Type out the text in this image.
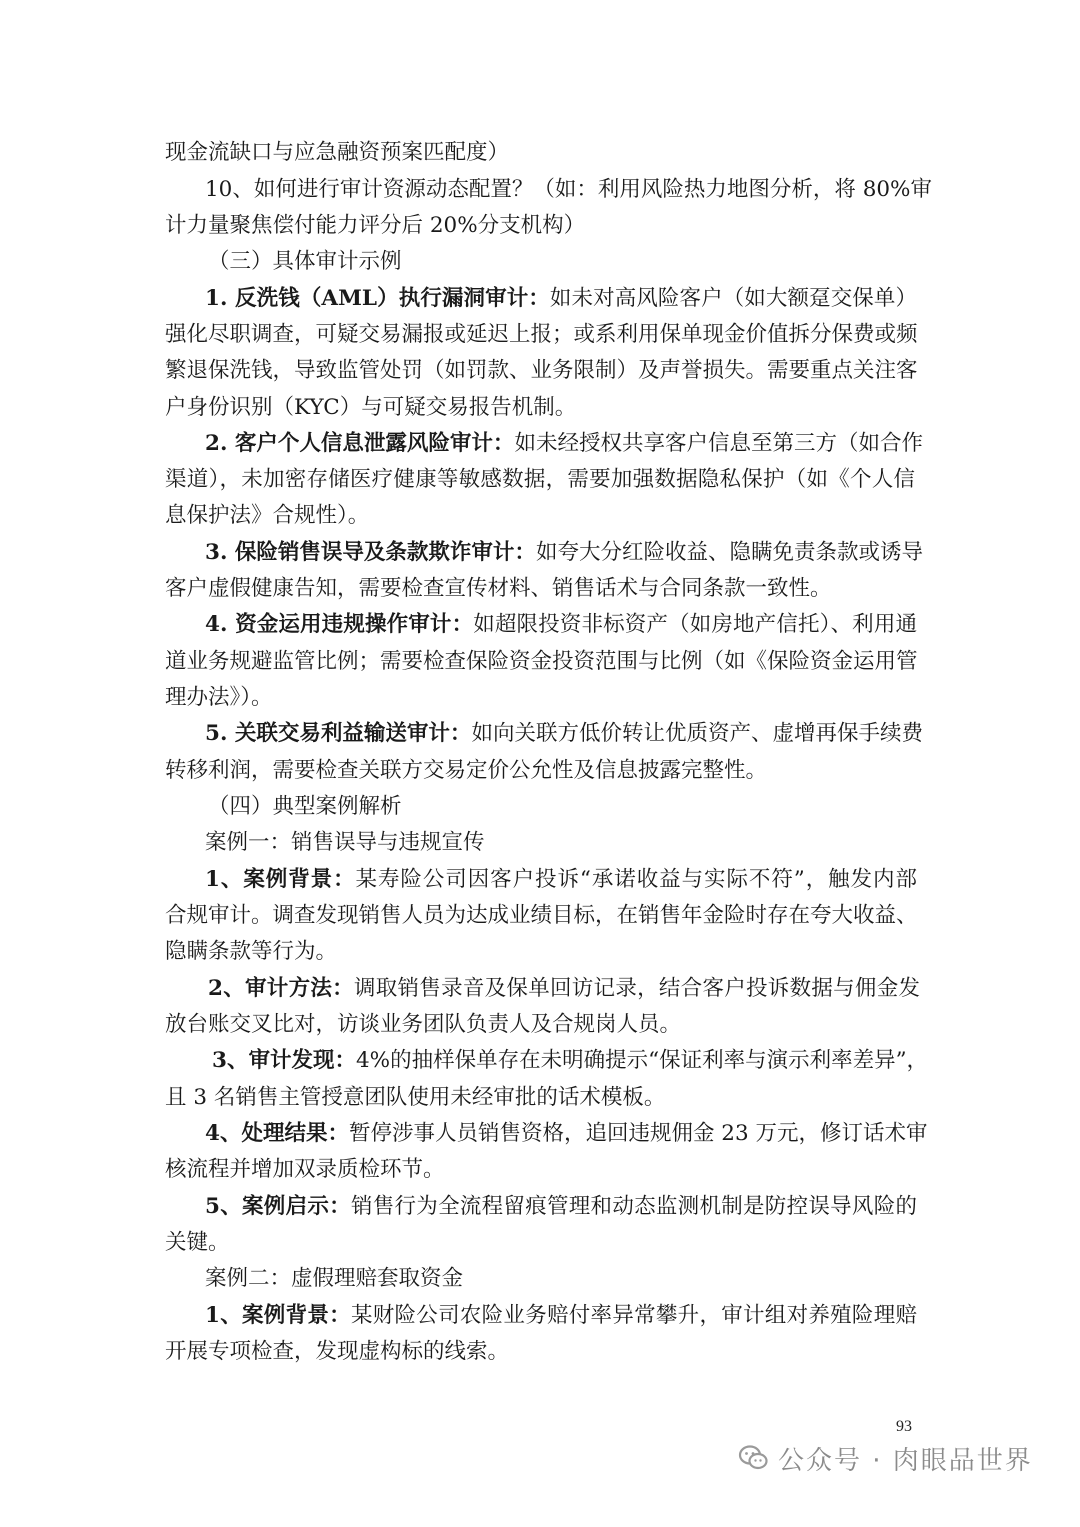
现金流缺口与应急融资预案匹配度）
10、如何进行审计资源动态配置？（如：利用风险热力地图分析，将 80%审
计力量聚焦偿付能力评分后 20%分支机构）
（三）具体审计示例
1. 反洗钱（AML）执行漏洞审计：如未对高风险客户（如大额趸交保单）
强化尽职调查，可疑交易漏报或延迟上报；或系利用保单现金价值拆分保费或频
繁退保洗钱，导致监管处罚（如罚款、业务限制）及声誉损失。需要重点关注客
户身份识别（KYC）与可疑交易报告机制。
2. 客户个人信息泄露风险审计：如未经授权共享客户信息至第三方（如合作
渠道），未加密存储医疗健康等敏感数据，需要加强数据隐私保护（如《个人信
息保护法》合规性）。
3. 保险销售误导及条款欺诈审计：如夸大分红险收益、隐瞒免责条款或诱导
客户虚假健康告知，需要检查宣传材料、销售话术与合同条款一致性。
4. 资金运用违规操作审计：如超限投资非标资产（如房地产信托）、利用通
道业务规避监管比例；需要检查保险资金投资范围与比例（如《保险资金运用管
理办法》）。
5. 关联交易利益输送审计：如向关联方低价转让优质资产、虚增再保手续费
转移利润，需要检查关联方交易定价公允性及信息披露完整性。
（四）典型案例解析
案例一：销售误导与违规宣传
1、案例背景：某寿险公司因客户投诉“承诺收益与实际不符”，触发内部
合规审计。调查发现销售人员为达成业绩目标，在销售年金险时存在夸大收益、
隐瞒条款等行为。
2、审计方法：调取销售录音及保单回访记录，结合客户投诉数据与佣金发
放台账交叉比对，访谈业务团队负责人及合规岗人员。
3、审计发现：4%的抽样保单存在未明确提示“保证利率与演示利率差异”，
且 3 名销售主管授意团队使用未经审批的话术模板。
4、处理结果：暂停涉事人员销售资格，追回违规佣金 23 万元，修订话术审
核流程并增加双录质检环节。
5、案例启示：销售行为全流程留痕管理和动态监测机制是防控误导风险的
关键。
案例二：虚假理赔套取资金
1、案例背景：某财险公司农险业务赔付率异常攀升，审计组对养殖险理赔
开展专项检查，发现虚构标的线索。
93
公众号 · 肉眼品世界
